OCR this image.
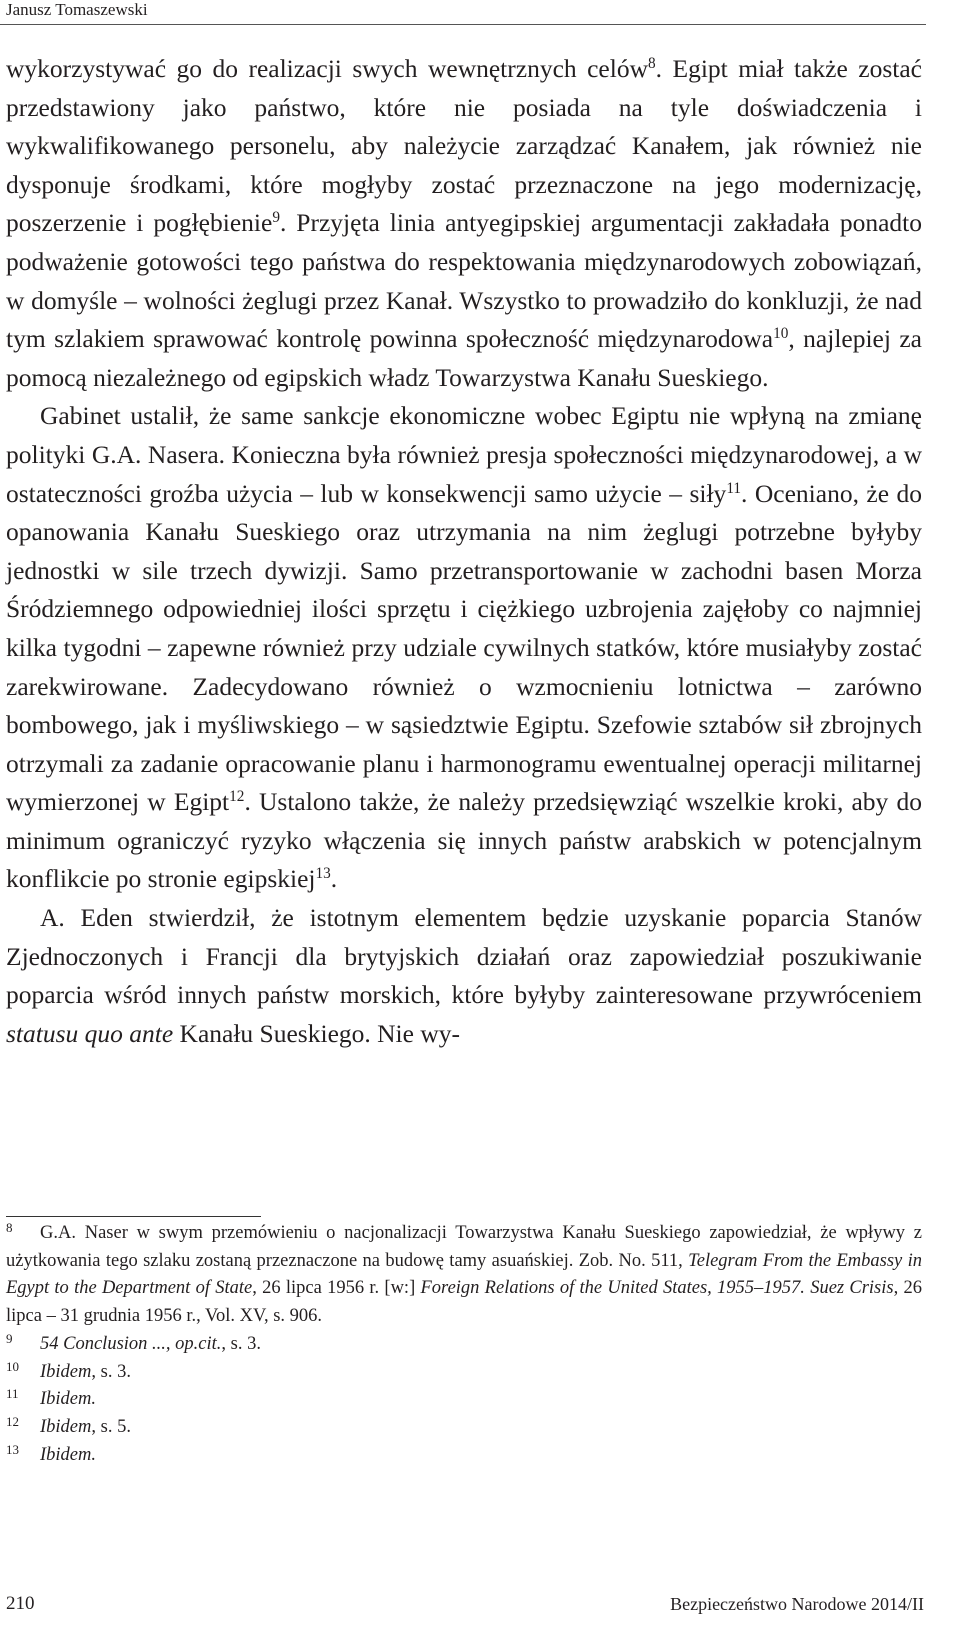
Janusz Tomaszewski

wykorzystywać go do realizacji swych wewnętrznych celów$^8$. Egipt miał także zostać przedstawiony jako państwo, które nie posiada na tyle doświadczenia i wykwalifikowanego personelu, aby należycie zarządzać Kanałem, jak również nie dysponuje środkami, które mogłyby zostać przeznaczone na jego modernizację, poszerzenie i pogłębienie$^9$. Przyjęta linia antyegipskiej argumentacji zakładała ponadto podważenie gotowości tego państwa do respektowania międzynarodowych zobowiązań, w domyśle – wolności żeglugi przez Kanał. Wszystko to prowadziło do konkluzji, że nad tym szlakiem sprawować kontrolę powinna społeczność międzynarodowa$^{10}$, najlepiej za pomocą niezależnego od egipskich władz Towarzystwa Kanału Sueskiego.

Gabinet ustalił, że same sankcje ekonomiczne wobec Egiptu nie wpłyną na zmianę polityki G.A. Nasera. Konieczna była również presja społeczności międzynarodowej, a w ostateczności groźba użycia – lub w konsekwencji samo użycie – siły$^{11}$. Oceniano, że do opanowania Kanału Sueskiego oraz utrzymania na nim żeglugi potrzebne byłyby jednostki w sile trzech dywizji. Samo przetransportowanie w zachodni basen Morza Śródziemnego odpowiedniej ilości sprzętu i ciężkiego uzbrojenia zajęłoby co najmniej kilka tygodni – zapewne również przy udziale cywilnych statków, które musiałyby zostać zarekwirowane. Zadecydowano również o wzmocnieniu lotnictwa – zarówno bombowego, jak i myśliwskiego – w sąsiedztwie Egiptu. Szefowie sztabów sił zbrojnych otrzymali za zadanie opracowanie planu i harmonogramu ewentualnej operacji militarnej wymierzonej w Egipt$^{12}$. Ustalono także, że należy przedsięwziąć wszelkie kroki, aby do minimum ograniczyć ryzyko włączenia się innych państw arabskich w potencjalnym konflikcie po stronie egipskiej$^{13}$.

A. Eden stwierdził, że istotnym elementem będzie uzyskanie poparcia Stanów Zjednoczonych i Francji dla brytyjskich działań oraz zapowiedział poszukiwanie poparcia wśród innych państw morskich, które byłyby zainteresowane przywróceniem statusu quo ante Kanału Sueskiego. Nie wy-

8 G.A. Naser w swym przemówieniu o nacjonalizacji Towarzystwa Kanału Sueskiego zapowiedział, że wpływy z użytkowania tego szlaku zostaną przeznaczone na budowę tamy asuańskiej. Zob. No. 511, Telegram From the Embassy in Egypt to the Department of State, 26 lipca 1956 r. [w:] Foreign Relations of the United States, 1955–1957. Suez Crisis, 26 lipca – 31 grudnia 1956 r., Vol. XV, s. 906.

9 54 Conclusion ..., op.cit., s. 3.

10 Ibidem, s. 3.

11 Ibidem.

12 Ibidem, s. 5.

13 Ibidem.

210	Bezpieczeństwo Narodowe 2014/II
